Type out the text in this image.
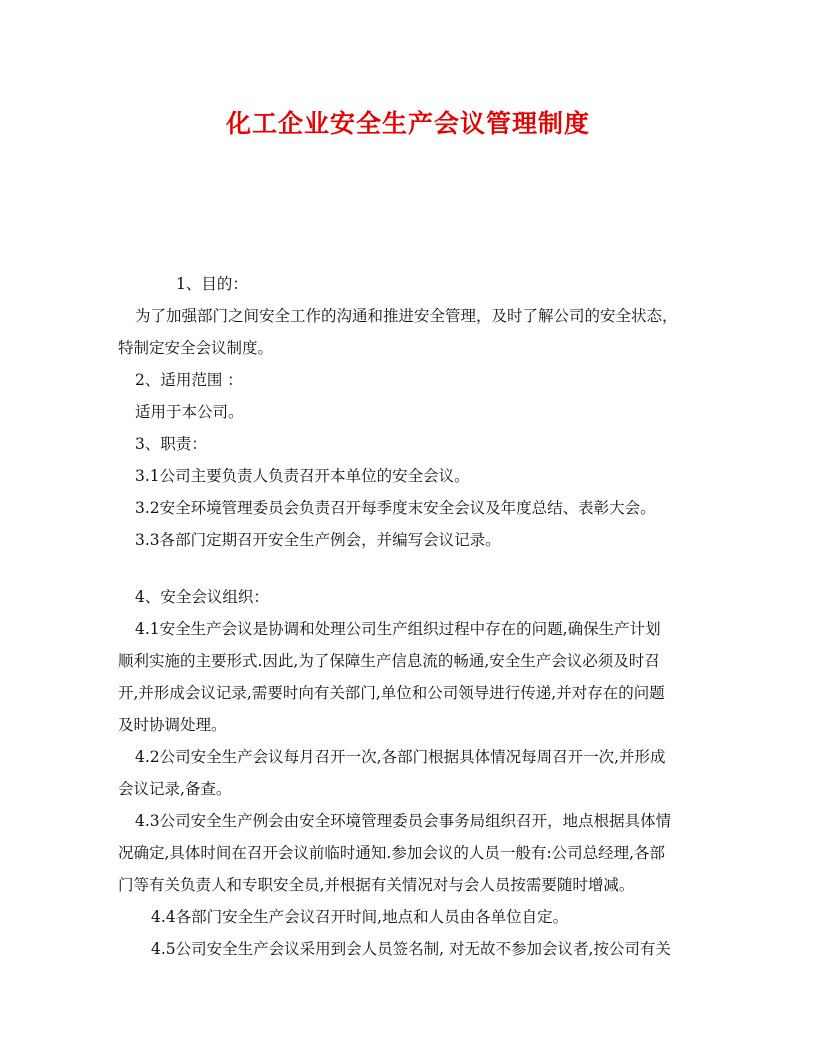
化工企业安全生产会议管理制度

1、目的：

为了加强部门之间安全工作的沟通和推进安全管理，及时了解公司的安全状态，

特制定安全会议制度。

2、适用范围 ：

适用于本公司。

3、职责：

3.1公司主要负责人负责召开本单位的安全会议。

3.2安全环境管理委员会负责召开每季度末安全会议及年度总结、表彰大会。

3.3各部门定期召开安全生产例会，并编写会议记录。

4、安全会议组织：

4.1安全生产会议是协调和处理公司生产组织过程中存在的问题,确保生产计划

顺利实施的主要形式.因此,为了保障生产信息流的畅通,安全生产会议必须及时召

开,并形成会议记录,需要时向有关部门,单位和公司领导进行传递,并对存在的问题

及时协调处理。

4.2公司安全生产会议每月召开一次,各部门根据具体情况每周召开一次,并形成

会议记录,备查。

4.3公司安全生产例会由安全环境管理委员会事务局组织召开，地点根据具体情

况确定,具体时间在召开会议前临时通知.参加会议的人员一般有:公司总经理,各部

门等有关负责人和专职安全员,并根据有关情况对与会人员按需要随时增减。

4.4各部门安全生产会议召开时间,地点和人员由各单位自定。

4.5公司安全生产会议采用到会人员签名制, 对无故不参加会议者,按公司有关
